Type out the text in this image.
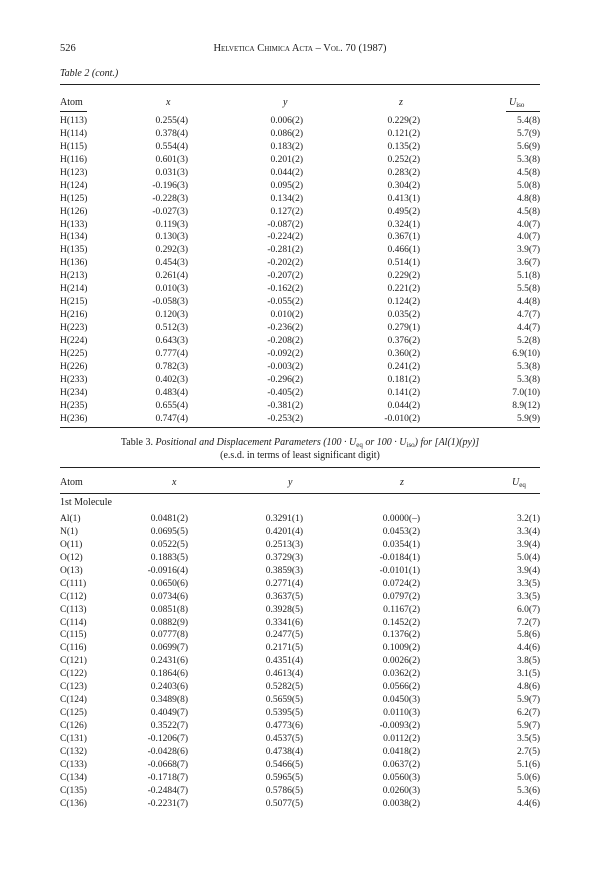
526	Helvetica Chimica Acta – Vol. 70 (1987)
Table 2 (cont.)
Atom	x	y	z	$U_{iso}$
H(113)	0.255(4)	0.006(2)	0.229(2)	5.4(8)
H(114)	0.378(4)	0.086(2)	0.121(2)	5.7(9)
H(115)	0.554(4)	0.183(2)	0.135(2)	5.6(9)
H(116)	0.601(3)	0.201(2)	0.252(2)	5.3(8)
H(123)	0.031(3)	0.044(2)	0.283(2)	4.5(8)
H(124)	-0.196(3)	0.095(2)	0.304(2)	5.0(8)
H(125)	-0.228(3)	0.134(2)	0.413(1)	4.8(8)
H(126)	-0.027(3)	0.127(2)	0.495(2)	4.5(8)
H(133)	0.119(3)	-0.087(2)	0.324(1)	4.0(7)
H(134)	0.130(3)	-0.224(2)	0.367(1)	4.0(7)
H(135)	0.292(3)	-0.281(2)	0.466(1)	3.9(7)
H(136)	0.454(3)	-0.202(2)	0.514(1)	3.6(7)
H(213)	0.261(4)	-0.207(2)	0.229(2)	5.1(8)
H(214)	0.010(3)	-0.162(2)	0.221(2)	5.5(8)
H(215)	-0.058(3)	-0.055(2)	0.124(2)	4.4(8)
H(216)	0.120(3)	0.010(2)	0.035(2)	4.7(7)
H(223)	0.512(3)	-0.236(2)	0.279(1)	4.4(7)
H(224)	0.643(3)	-0.208(2)	0.376(2)	5.2(8)
H(225)	0.777(4)	-0.092(2)	0.360(2)	6.9(10)
H(226)	0.782(3)	-0.003(2)	0.241(2)	5.3(8)
H(233)	0.402(3)	-0.296(2)	0.181(2)	5.3(8)
H(234)	0.483(4)	-0.405(2)	0.141(2)	7.0(10)
H(235)	0.655(4)	-0.381(2)	0.044(2)	8.9(12)
H(236)	0.747(4)	-0.253(2)	-0.010(2)	5.9(9)
Table 3. Positional and Displacement Parameters ($100 \cdot U_{eq}$ or $100 \cdot U_{iso}$) for [Al(1)(py)]
(e.s.d. in terms of least significant digit)
Atom	x	y	z	$U_{eq}$
1st Molecule
Al(1)	0.0481(2)	0.3291(1)	0.0000(–)	3.2(1)
N(1)	0.0695(5)	0.4201(4)	0.0453(2)	3.3(4)
O(11)	0.0522(5)	0.2513(3)	0.0354(1)	3.9(4)
O(12)	0.1883(5)	0.3729(3)	-0.0184(1)	5.0(4)
O(13)	-0.0916(4)	0.3859(3)	-0.0101(1)	3.9(4)
C(111)	0.0650(6)	0.2771(4)	0.0724(2)	3.3(5)
C(112)	0.0734(6)	0.3637(5)	0.0797(2)	3.3(5)
C(113)	0.0851(8)	0.3928(5)	0.1167(2)	6.0(7)
C(114)	0.0882(9)	0.3341(6)	0.1452(2)	7.2(7)
C(115)	0.0777(8)	0.2477(5)	0.1376(2)	5.8(6)
C(116)	0.0699(7)	0.2171(5)	0.1009(2)	4.4(6)
C(121)	0.2431(6)	0.4351(4)	0.0026(2)	3.8(5)
C(122)	0.1864(6)	0.4613(4)	0.0362(2)	3.1(5)
C(123)	0.2403(6)	0.5282(5)	0.0566(2)	4.8(6)
C(124)	0.3489(8)	0.5659(5)	0.0450(3)	5.9(7)
C(125)	0.4049(7)	0.5395(5)	0.0110(3)	6.2(7)
C(126)	0.3522(7)	0.4773(6)	-0.0093(2)	5.9(7)
C(131)	-0.1206(7)	0.4537(5)	0.0112(2)	3.5(5)
C(132)	-0.0428(6)	0.4738(4)	0.0418(2)	2.7(5)
C(133)	-0.0668(7)	0.5466(5)	0.0637(2)	5.1(6)
C(134)	-0.1718(7)	0.5965(5)	0.0560(3)	5.0(6)
C(135)	-0.2484(7)	0.5786(5)	0.0260(3)	5.3(6)
C(136)	-0.2231(7)	0.5077(5)	0.0038(2)	4.4(6)
